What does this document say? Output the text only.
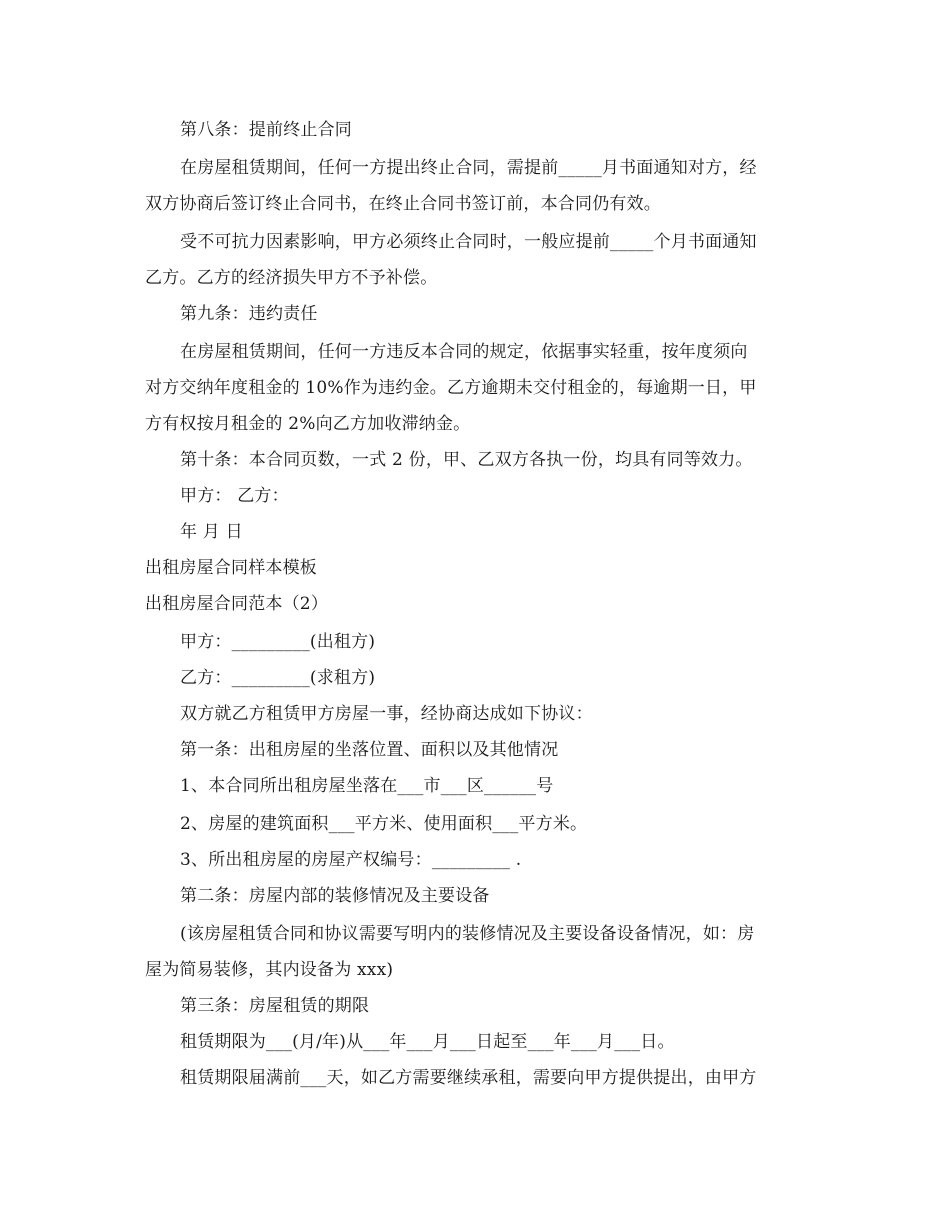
第八条：提前终止合同
在房屋租赁期间，任何一方提出终止合同，需提前_____月书面通知对方，经
双方协商后签订终止合同书，在终止合同书签订前，本合同仍有效。
受不可抗力因素影响，甲方必须终止合同时，一般应提前_____个月书面通知
乙方。乙方的经济损失甲方不予补偿。
第九条：违约责任
在房屋租赁期间，任何一方违反本合同的规定，依据事实轻重，按年度须向
对方交纳年度租金的 10%作为违约金。乙方逾期未交付租金的，每逾期一日，甲
方有权按月租金的 2%向乙方加收滞纳金。
第十条：本合同页数，一式 2 份，甲、乙双方各执一份，均具有同等效力。
甲方： 乙方：
年 月 日
出租房屋合同样本模板
出租房屋合同范本（2）
甲方：_________(出租方)
乙方：_________(求租方)
双方就乙方租赁甲方房屋一事，经协商达成如下协议：
第一条：出租房屋的坐落位置、面积以及其他情况
1、本合同所出租房屋坐落在___市___区______号
2、房屋的建筑面积___平方米、使用面积___平方米。
3、所出租房屋的房屋产权编号：_________ .
第二条：房屋内部的装修情况及主要设备
(该房屋租赁合同和协议需要写明内的装修情况及主要设备设备情况，如：房
屋为简易装修，其内设备为 xxx)
第三条：房屋租赁的期限
租赁期限为___(月/年)从___年___月___日起至___年___月___日。
租赁期限届满前___天，如乙方需要继续承租，需要向甲方提供提出，由甲方
